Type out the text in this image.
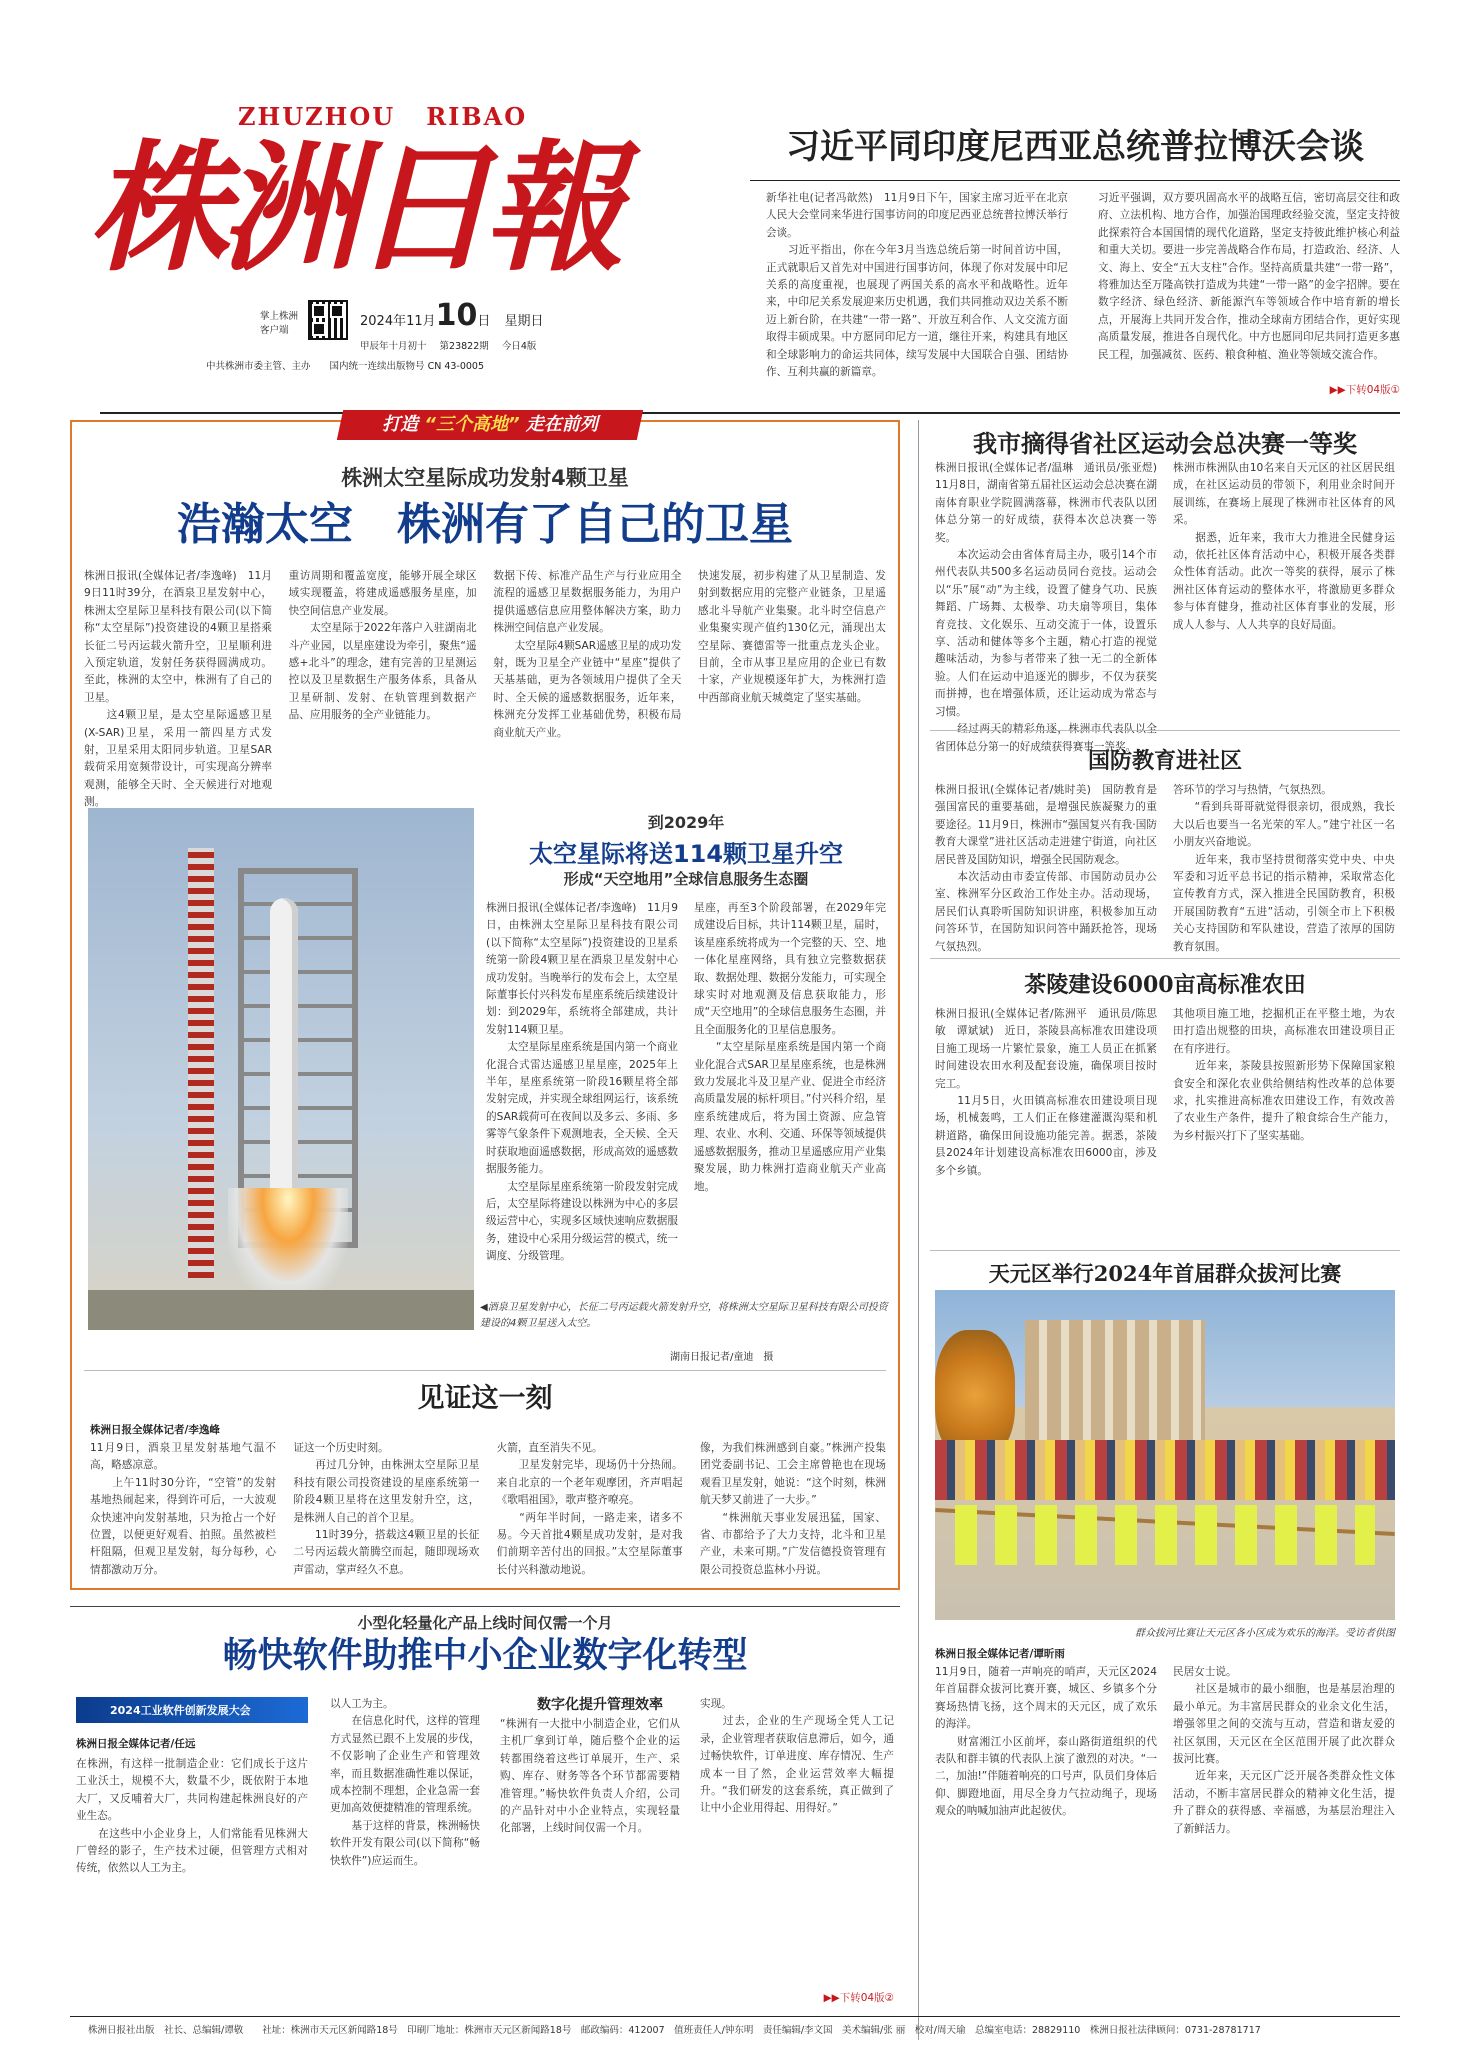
ZHUZHOU   RIBAO
株洲日報
掌上株洲
客户端
2024年11月10日 星期日
甲辰年十月初十 第23822期 今日4版
中共株洲市委主管、主办 国内统一连续出版物号 CN 43-0005
习近平同印度尼西亚总统普拉博沃会谈
新华社电(记者冯歆然)　11月9日下午，国家主席习近平在北京人民大会堂同来华进行国事访问的印度尼西亚总统普拉博沃举行会谈。
　　习近平指出，你在今年3月当选总统后第一时间首访中国，正式就职后又首先对中国进行国事访问，体现了你对发展中印尼关系的高度重视，也展现了两国关系的高水平和战略性。近年来，中印尼关系发展迎来历史机遇，我们共同推动双边关系不断迈上新台阶，在共建“一带一路”、开放互利合作、人文交流方面取得丰硕成果。中方愿同印尼方一道，继往开来，构建具有地区和全球影响力的命运共同体，续写发展中大国联合自强、团结协作、互利共赢的新篇章。
习近平强调，双方要巩固高水平的战略互信，密切高层交往和政府、立法机构、地方合作，加强治国理政经验交流，坚定支持彼此探索符合本国国情的现代化道路，坚定支持彼此维护核心利益和重大关切。要进一步完善战略合作布局，打造政治、经济、人文、海上、安全“五大支柱”合作。坚持高质量共建“一带一路”，将雅加达至万隆高铁打造成为共建“一带一路”的金字招牌。要在数字经济、绿色经济、新能源汽车等领域合作中培育新的增长点，开展海上共同开发合作，推动全球南方团结合作，更好实现高质量发展，推进各自现代化。中方也愿同印尼共同打造更多惠民工程，加强减贫、医药、粮食种植、渔业等领域交流合作。
▶▶下转04版①
打造 “三个高地” 走在前列
株洲太空星际成功发射4颗卫星
浩瀚太空　株洲有了自己的卫星
株洲日报讯(全媒体记者/李逸峰)　11月9日11时39分，在酒泉卫星发射中心，株洲太空星际卫星科技有限公司(以下简称“太空星际”)投资建设的4颗卫星搭乘长征二号丙运载火箭升空，卫星顺利进入预定轨道，发射任务获得圆满成功。至此，株洲的太空中，株洲有了自己的卫星。
　　这4颗卫星，是太空星际遥感卫星(X-SAR)卫星，采用一箭四星方式发射，卫星采用太阳同步轨道。卫星SAR载荷采用宽频带设计，可实现高分辨率观测，能够全天时、全天候进行对地观测。
重访周期和覆盖宽度，能够开展全球区域实现覆盖，将建成遥感服务星座，加快空间信息产业发展。
　　太空星际于2022年落户入驻湖南北斗产业园，以星座建设为牵引，聚焦“遥感+北斗”的理念，建有完善的卫星测运控以及卫星数据生产服务体系，具备从卫星研制、发射、在轨管理到数据产品、应用服务的全产业链能力。
数据下传、标准产品生产与行业应用全流程的遥感卫星数据服务能力，为用户提供遥感信息应用整体解决方案，助力株洲空间信息产业发展。
　　太空星际4颗SAR遥感卫星的成功发射，既为卫星全产业链中“星座”提供了天基基础，更为各领域用户提供了全天时、全天候的遥感数据服务，近年来，株洲充分发挥工业基础优势，积极布局商业航天产业。
快速发展，初步构建了从卫星制造、发射到数据应用的完整产业链条，卫星遥感北斗导航产业集聚。北斗时空信息产业集聚实现产值约130亿元，涌现出太空星际、赛德雷等一批重点龙头企业。目前，全市从事卫星应用的企业已有数十家，产业规模逐年扩大，为株洲打造中西部商业航天城奠定了坚实基础。
到2029年
太空星际将送114颗卫星升空
形成“天空地用”全球信息服务生态圈
株洲日报讯(全媒体记者/李逸峰)　11月9日，由株洲太空星际卫星科技有限公司(以下简称“太空星际”)投资建设的卫星系统第一阶段4颗卫星在酒泉卫星发射中心成功发射。当晚举行的发布会上，太空星际董事长付兴科发布星座系统后续建设计划：到2029年，系统将全部建成，共计发射114颗卫星。
　　太空星际星座系统是国内第一个商业化混合式雷达遥感卫星星座，2025年上半年，星座系统第一阶段16颗星将全部发射完成，并实现全球组网运行，该系统的SAR载荷可在夜间以及多云、多雨、多雾等气象条件下观测地表，全天候、全天时获取地面遥感数据，形成高效的遥感数据服务能力。
　　太空星际星座系统第一阶段发射完成后，太空星际将建设以株洲为中心的多层级运营中心，实现多区域快速响应数据服务，建设中心采用分级运营的模式，统一调度、分级管理。
星座，再至3个阶段部署，在2029年完成建设后目标，共计114颗卫星，届时，该星座系统将成为一个完整的天、空、地一体化星座网络，具有独立完整数据获取、数据处理、数据分发能力，可实现全球实时对地观测及信息获取能力，形成“天空地用”的全球信息服务生态圈，并且全面服务化的卫星信息服务。
　　“太空星际星座系统是国内第一个商业化混合式SAR卫星星座系统，也是株洲致力发展北斗及卫星产业、促进全市经济高质量发展的标杆项目。”付兴科介绍，星座系统建成后，将为国土资源、应急管理、农业、水利、交通、环保等领域提供遥感数据服务，推动卫星遥感应用产业集聚发展，助力株洲打造商业航天产业高地。
◀酒泉卫星发射中心，长征二号丙运载火箭发射升空，将株洲太空星际卫星科技有限公司投资建设的4颗卫星送入太空。
湖南日报记者/童迪　摄
见证这一刻
株洲日报全媒体记者/李逸峰
11月9日，酒泉卫星发射基地气温不高，略感凉意。
　　上午11时30分许，“空管”的发射基地热闹起来，得到许可后，一大波观众快速冲向发射基地，只为抢占一个好位置，以便更好观看、拍照。虽然被栏杆阻隔，但观卫星发射，每分每秒，心情都激动万分。
证这一个历史时刻。
　　再过几分钟，由株洲太空星际卫星科技有限公司投资建设的星座系统第一阶段4颗卫星将在这里发射升空，这，是株洲人自己的首个卫星。
　　11时39分，搭载这4颗卫星的长征二号丙运载火箭腾空而起，随即现场欢声雷动，掌声经久不息。
火箭，直至消失不见。
　　卫星发射完毕，现场仍十分热闹。来自北京的一个老年观摩团，齐声唱起《歌唱祖国》，歌声整齐嘹亮。
　　“两年半时间，一路走来，诸多不易。今天首批4颗星成功发射，是对我们前期辛苦付出的回报。”太空星际董事长付兴科激动地说。
像，为我们株洲感到自豪。”株洲产投集团党委副书记、工会主席曾艳也在现场观看卫星发射，她说：“这个时刻，株洲航天梦又前进了一大步。”
　　“株洲航天事业发展迅猛，国家、省、市都给予了大力支持，北斗和卫星产业，未来可期。”广发信德投资管理有限公司投资总监林小丹说。
我市摘得省社区运动会总决赛一等奖
株洲日报讯(全媒体记者/温琳　通讯员/张亚煜)　11月8日，湖南省第五届社区运动会总决赛在湖南体育职业学院圆满落幕，株洲市代表队以团体总分第一的好成绩，获得本次总决赛一等奖。
　　本次运动会由省体育局主办，吸引14个市州代表队共500多名运动员同台竞技。运动会以“乐”展“动”为主线，设置了健身气功、民族舞蹈、广场舞、太极拳、功夫扇等项目，集体育竞技、文化娱乐、互动交流于一体，设置乐享、活动和健体等多个主题，精心打造的视觉趣味活动，为参与者带来了独一无二的全新体验。人们在运动中追逐光的脚步，不仅为获奖而拼搏，也在增强体质，还让运动成为常态与习惯。
　　省团体总分第一的好成绩获得赛事一等奖。
株洲市株洲队由10名来自天元区的社区居民组成，在社区运动员的带领下，利用业余时间开展训练，在赛场上展现了株洲市社区体育的风采。
　　据悉，近年来，我市大力推进全民健身运动，依托社区体育活动中心，积极开展各类群众性体育活动。此次一等奖的获得，展示了株洲社区体育运动的整体水平，将激励更多群众参与体育健身，推动社区体育事业的发展，形成人人参与、人人共享的良好局面。
国防教育进社区
株洲日报讯(全媒体记者/姚时美)　国防教育是强国富民的重要基础，是增强民族凝聚力的重要途径。11月9日，株洲市“强国复兴有我·国防教育大课堂”进社区活动走进建宁街道，向社区居民普及国防知识，增强全民国防观念。
　　本次活动由市委宣传部、市国防动员办公室、株洲军分区政治工作处主办。活动现场，居民们认真聆听国防知识讲座，积极参加互动问答环节，在国防知识问答中踊跃抢答，现场气氛热烈。
答环节的学习与热情，气氛热烈。
　　“看到兵哥哥就觉得很亲切，很成熟，我长大以后也要当一名光荣的军人。”建宁社区一名小朋友兴奋地说。
　　近年来，我市坚持贯彻落实党中央、中央军委和习近平总书记的指示精神，采取常态化宣传教育方式，深入推进全民国防教育，积极开展国防教育“五进”活动，引领全市上下积极关心支持国防和军队建设，营造了浓厚的国防教育氛围。
茶陵建设6000亩高标准农田
株洲日报讯(全媒体记者/陈洲平　通讯员/陈思敏　谭斌斌)　近日，茶陵县高标准农田建设项目施工现场一片繁忙景象，施工人员正在抓紧时间建设农田水利及配套设施，确保项目按时完工。
　　11月5日，火田镇高标准农田建设项目现场，机械轰鸣，工人们正在修建灌溉沟渠和机耕道路，确保田间设施功能完善。据悉，茶陵县2024年计划建设高标准农田6000亩，涉及多个乡镇。
其他项目施工地，挖掘机正在平整土地，为农田打造出规整的田块，高标准农田建设项目正在有序进行。
　　近年来，茶陵县按照新形势下保障国家粮食安全和深化农业供给侧结构性改革的总体要求，扎实推进高标准农田建设工作，有效改善了农业生产条件，提升了粮食综合生产能力，为乡村振兴打下了坚实基础。
天元区举行2024年首届群众拔河比赛
群众拔河比赛让天元区各小区成为欢乐的海洋。受访者供图
株洲日报全媒体记者/谭昕雨
11月9日，随着一声响亮的哨声，天元区2024年首届群众拔河比赛开赛，城区、乡镇多个分赛场热情飞扬，这个周末的天元区，成了欢乐的海洋。
　　财富湘江小区前坪，泰山路街道组织的代表队和群丰镇的代表队上演了激烈的对决。“一二，加油!”伴随着响亮的口号声，队员们身体后仰、脚蹬地面，用尽全身力气拉动绳子，现场观众的呐喊加油声此起彼伏。
民居女士说。
　　社区是城市的最小细胞，也是基层治理的最小单元。为丰富居民群众的业余文化生活，增强邻里之间的交流与互动，营造和谐友爱的社区氛围，天元区在全区范围开展了此次群众拔河比赛。
　　近年来，天元区广泛开展各类群众性文体活动，不断丰富居民群众的精神文化生活，提升了群众的获得感、幸福感，为基层治理注入了新鲜活力。
小型化轻量化产品上线时间仅需一个月
畅快软件助推中小企业数字化转型
2024工业软件创新发展大会
株洲日报全媒体记者/任远
在株洲，有这样一批制造企业：它们成长于这片工业沃土，规模不大，数量不少，既依附于本地大厂，又反哺着大厂，共同构建起株洲良好的产业生态。
　　在这些中小企业身上，人们常能看见株洲大厂曾经的影子，生产技术过硬，但管理方式相对传统，依然以人工为主。
以人工为主。
　　在信息化时代，这样的管理方式显然已跟不上发展的步伐，不仅影响了企业生产和管理效率，而且数据准确性难以保证，成本控制不理想，企业急需一套更加高效便捷精准的管理系统。
　　基于这样的背景，株洲畅快软件开发有限公司(以下简称“畅快软件”)应运而生。
数字化提升管理效率
“株洲有一大批中小制造企业，它们从主机厂拿到订单，随后整个企业的运转都围绕着这些订单展开，生产、采购、库存、财务等各个环节都需要精准管理。”畅快软件负责人介绍，公司的产品针对中小企业特点，实现轻量化部署，上线时间仅需一个月。
实现。
　　过去，企业的生产现场全凭人工记录，企业管理者获取信息滞后，如今，通过畅快软件，订单进度、库存情况、生产成本一目了然，企业运营效率大幅提升。“我们研发的这套系统，真正做到了让中小企业用得起、用得好。”
▶▶下转04版②
株洲日报社出版　社长、总编辑/谭敬　　社址：株洲市天元区新闻路18号　印刷厂地址：株洲市天元区新闻路18号　邮政编码：412007　值班责任人/钟东明　责任编辑/李文国　美术编辑/张 丽　校对/周天瑜　总编室电话：28829110　株洲日报社法律顾问：0731-28781717
